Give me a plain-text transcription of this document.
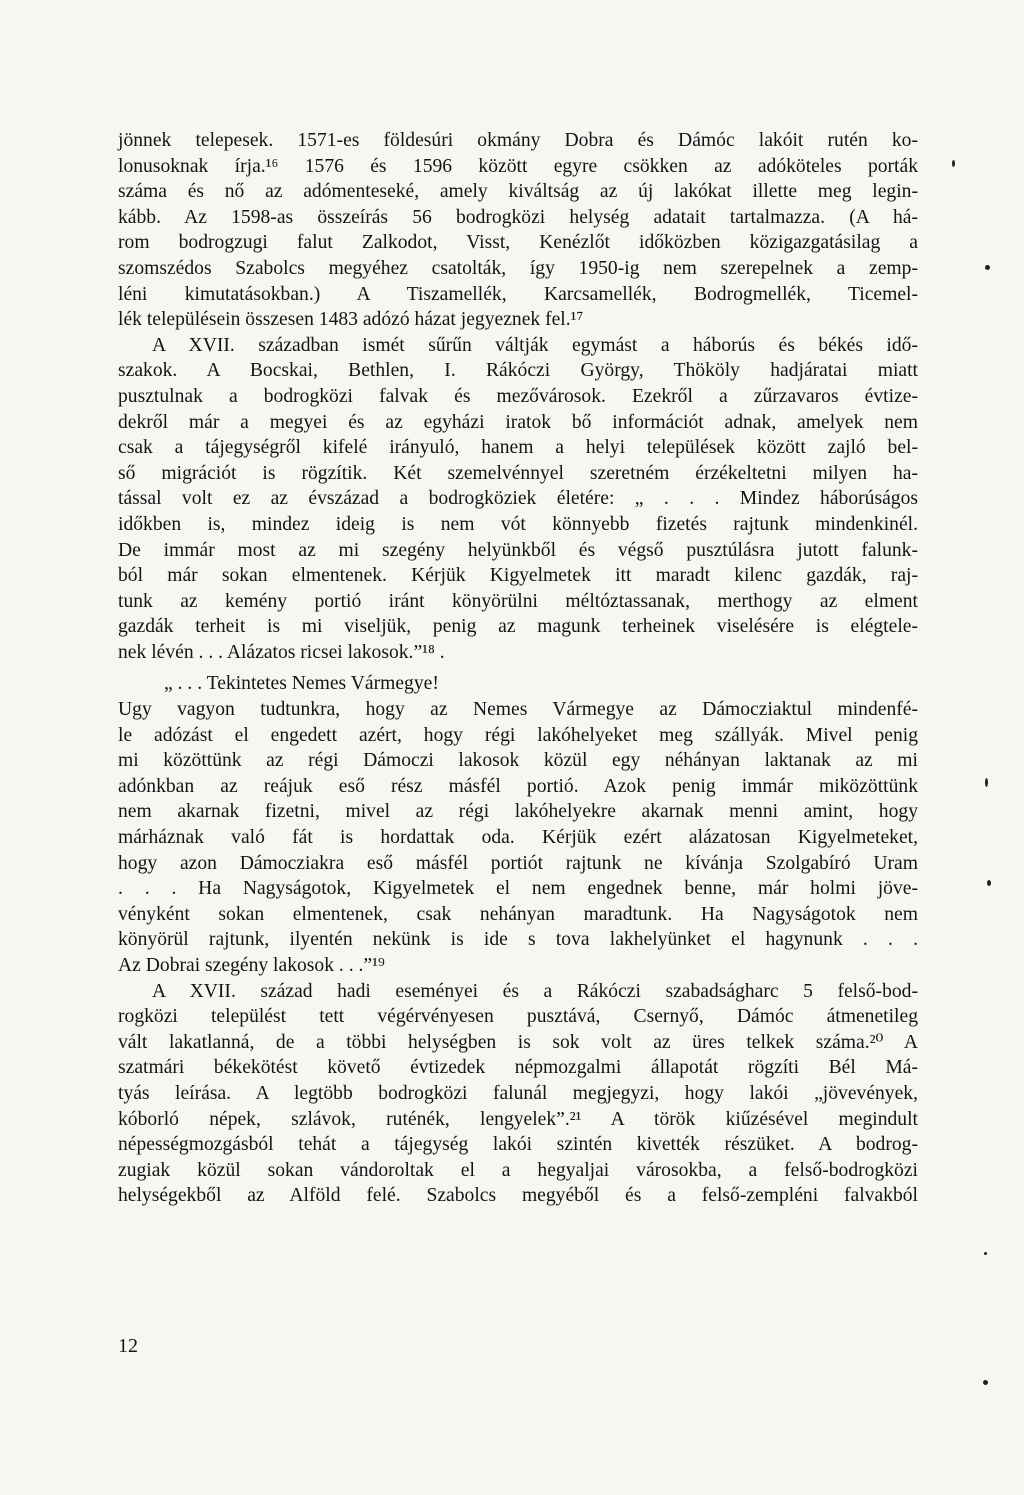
jönnek telepesek. 1571-es földesúri okmány Dobra és Dámóc lakóit rutén ko-
lonusoknak írja.¹⁶ 1576 és 1596 között egyre csökken az adóköteles porták
száma és nő az adómenteseké, amely kiváltság az új lakókat illette meg legin-
kább. Az 1598-as összeírás 56 bodrogközi helység adatait tartalmazza. (A há-
rom bodrogzugi falut Zalkodot, Visst, Kenézlőt időközben közigazgatásilag a
szomszédos Szabolcs megyéhez csatolták, így 1950-ig nem szerepelnek a zemp-
léni kimutatásokban.) A Tiszamellék, Karcsamellék, Bodrogmellék, Ticemel-
lék településein összesen 1483 adózó házat jegyeznek fel.¹⁷
A XVII. században ismét sűrűn váltják egymást a háborús és békés idő-
szakok. A Bocskai, Bethlen, I. Rákóczi György, Thököly hadjáratai miatt
pusztulnak a bodrogközi falvak és mezővárosok. Ezekről a zűrzavaros évtize-
dekről már a megyei és az egyházi iratok bő információt adnak, amelyek nem
csak a tájegységről kifelé irányuló, hanem a helyi települések között zajló bel-
ső migrációt is rögzítik. Két szemelvénnyel szeretném érzékeltetni milyen ha-
tással volt ez az évszázad a bodrogköziek életére: „ . . . Mindez háborúságos
időkben is, mindez ideig is nem vót könnyebb fizetés rajtunk mindenkinél.
De immár most az mi szegény helyünkből és végső pusztúlásra jutott falunk-
ból már sokan elmentenek. Kérjük Kigyelmetek itt maradt kilenc gazdák, raj-
tunk az kemény portió iránt könyörülni méltóztassanak, merthogy az elment
gazdák terheit is mi viseljük, penig az magunk terheinek viselésére is elégtele-
nek lévén . . . Alázatos ricsei lakosok.”¹⁸ .
„ . . . Tekintetes Nemes Vármegye!
Ugy vagyon tudtunkra, hogy az Nemes Vármegye az Dámocziaktul mindenfé-
le adózást el engedett azért, hogy régi lakóhelyeket meg szállyák. Mivel penig
mi közöttünk az régi Dámoczi lakosok közül egy néhányan laktanak az mi
adónkban az reájuk eső rész másfél portió. Azok penig immár miközöttünk
nem akarnak fizetni, mivel az régi lakóhelyekre akarnak menni amint, hogy
márháznak való fát is hordattak oda. Kérjük ezért alázatosan Kigyelmeteket,
hogy azon Dámocziakra eső másfél portiót rajtunk ne kívánja Szolgabíró Uram
. . . Ha Nagyságotok, Kigyelmetek el nem engednek benne, már holmi jöve-
vényként sokan elmentenek, csak nehányan maradtunk. Ha Nagyságotok nem
könyörül rajtunk, ilyentén nekünk is ide s tova lakhelyünket el hagynunk . . .
Az Dobrai szegény lakosok . . .”¹⁹
A XVII. század hadi eseményei és a Rákóczi szabadságharc 5 felső-bod-
rogközi települést tett végérvényesen pusztává, Csernyő, Dámóc átmenetileg
vált lakatlanná, de a többi helységben is sok volt az üres telkek száma.²⁰ A
szatmári békekötést követő évtizedek népmozgalmi állapotát rögzíti Bél Má-
tyás leírása. A legtöbb bodrogközi falunál megjegyzi, hogy lakói „jövevények,
kóborló népek, szlávok, ruténék, lengyelek”.²¹ A török kiűzésével megindult
népességmozgásból tehát a tájegység lakói szintén kivették részüket. A bodrog-
zugiak közül sokan vándoroltak el a hegyaljai városokba, a felső-bodrogközi
helységekből az Alföld felé. Szabolcs megyéből és a felső-zempléni falvakból
12
